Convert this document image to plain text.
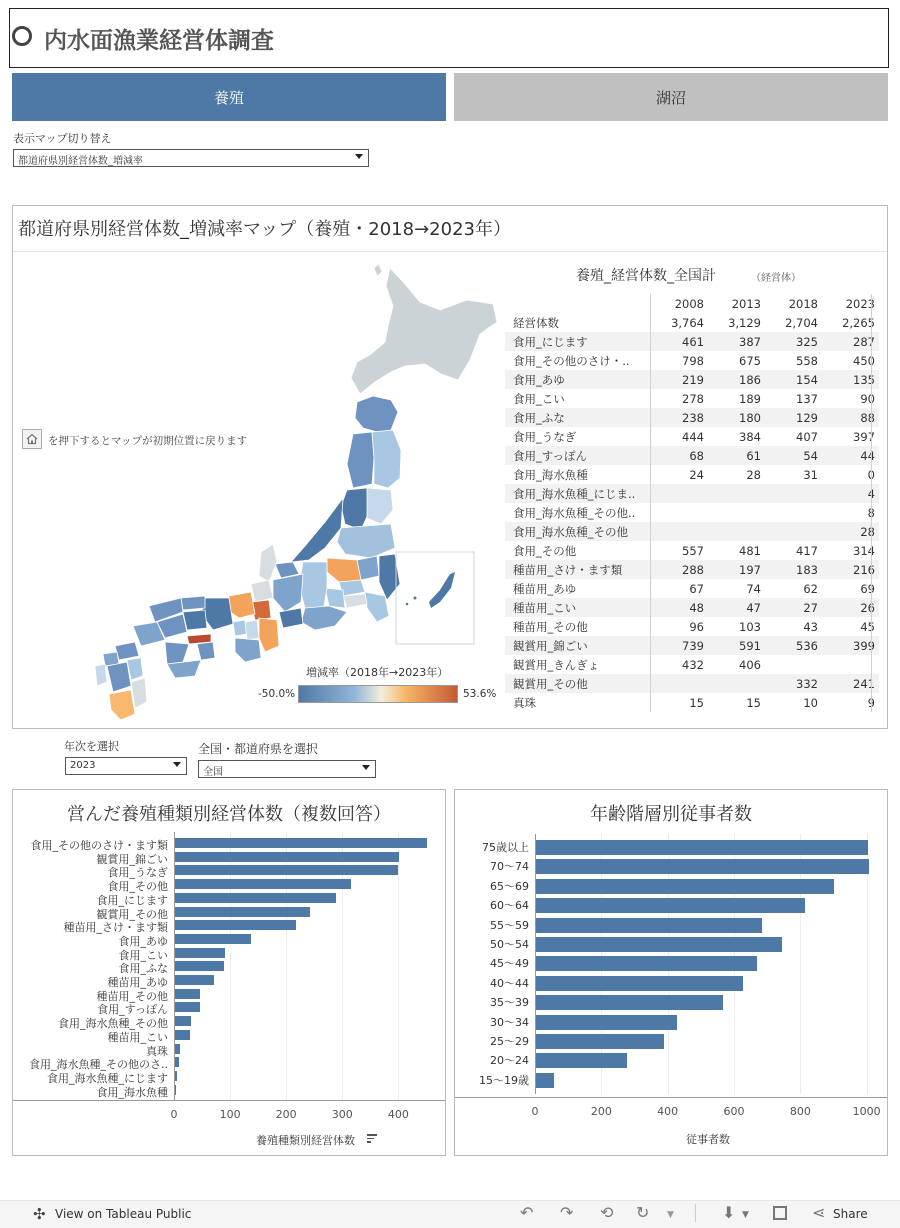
内水面漁業経営体調査
養殖	湖沼
表示マップ切り替え
都道府県別経営体数_増減率
都道府県別経営体数_増減率マップ（養殖・2018→2023年）
を押下するとマップが初期位置に戻ります
増減率（2018年→2023年）
-50.0%	53.6%
養殖_経営体数_全国計	（経営体）
	2008	2013	2018	2023
経営体数	3,764	3,129	2,704	2,265
食用_にじます	461	387	325	287
食用_その他のさけ・..	798	675	558	450
食用_あゆ	219	186	154	135
食用_こい	278	189	137	90
食用_ふな	238	180	129	88
食用_うなぎ	444	384	407	397
食用_すっぽん	68	61	54	44
食用_海水魚種	24	28	31	0
食用_海水魚種_にじま..				4
食用_海水魚種_その他..				8
食用_海水魚種_その他				28
食用_その他	557	481	417	314
種苗用_さけ・ます類	288	197	183	216
種苗用_あゆ	67	74	62	69
種苗用_こい	48	47	27	26
種苗用_その他	96	103	43	45
観賞用_錦ごい	739	591	536	399
観賞用_きんぎょ	432	406		
観賞用_その他			332	241
真珠	15	15	10	9
年次を選択
2023
全国・都道府県を選択
全国
営んだ養殖種類別経営体数（複数回答）	年齢階層別従事者数
0	100	200	300	400
食用_その他のさけ・ます類
観賞用_錦ごい
食用_うなぎ
食用_その他
食用_にじます
観賞用_その他
種苗用_さけ・ます類
食用_あゆ
食用_こい
食用_ふな
種苗用_あゆ
種苗用_その他
食用_すっぽん
食用_海水魚種_その他
種苗用_こい
真珠
食用_海水魚種_その他のさ..
食用_海水魚種_にじます
食用_海水魚種
0	200	400	600	800	1000
75歳以上
70〜74
65〜69
60〜64
55〜59
50〜54
45〜49
40〜44
35〜39
30〜34
25〜29
20〜24
15〜19歳
養殖種類別経営体数	従事者数
✣ View on Tableau Public	↶ ↷ ⟲ ↻ ▼	⬇ ▼	⋖ Share
